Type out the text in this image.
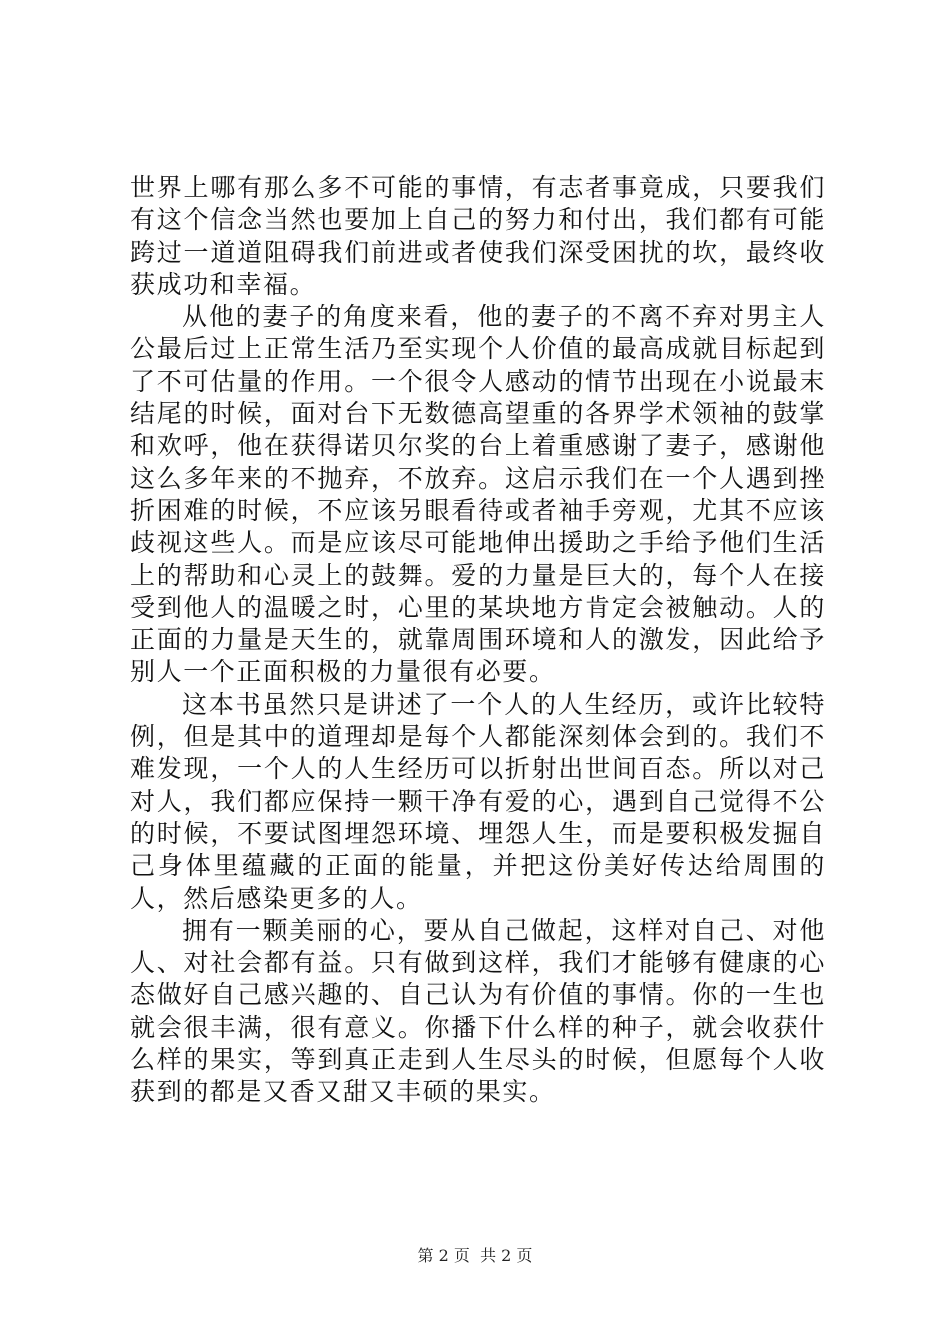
世界上哪有那么多不可能的事情，有志者事竟成，只要我们有这个信念当然也要加上自己的努力和付出，我们都有可能跨过一道道阻碍我们前进或者使我们深受困扰的坎，最终收获成功和幸福。

从他的妻子的角度来看，他的妻子的不离不弃对男主人公最后过上正常生活乃至实现个人价值的最高成就目标起到了不可估量的作用。一个很令人感动的情节出现在小说最末结尾的时候，面对台下无数德高望重的各界学术领袖的鼓掌和欢呼，他在获得诺贝尔奖的台上着重感谢了妻子，感谢他这么多年来的不抛弃，不放弃。这启示我们在一个人遇到挫折困难的时候，不应该另眼看待或者袖手旁观，尤其不应该歧视这些人。而是应该尽可能地伸出援助之手给予他们生活上的帮助和心灵上的鼓舞。爱的力量是巨大的，每个人在接受到他人的温暖之时，心里的某块地方肯定会被触动。人的正面的力量是天生的，就靠周围环境和人的激发，因此给予别人一个正面积极的力量很有必要。

这本书虽然只是讲述了一个人的人生经历，或许比较特例，但是其中的道理却是每个人都能深刻体会到的。我们不难发现，一个人的人生经历可以折射出世间百态。所以对己对人，我们都应保持一颗干净有爱的心，遇到自己觉得不公的时候，不要试图埋怨环境、埋怨人生，而是要积极发掘自己身体里蕴藏的正面的能量，并把这份美好传达给周围的人，然后感染更多的人。

拥有一颗美丽的心，要从自己做起，这样对自己、对他人、对社会都有益。只有做到这样，我们才能够有健康的心态做好自己感兴趣的、自己认为有价值的事情。你的一生也就会很丰满，很有意义。你播下什么样的种子，就会收获什么样的果实，等到真正走到人生尽头的时候，但愿每个人收获到的都是又香又甜又丰硕的果实。

第 2 页  共 2 页
